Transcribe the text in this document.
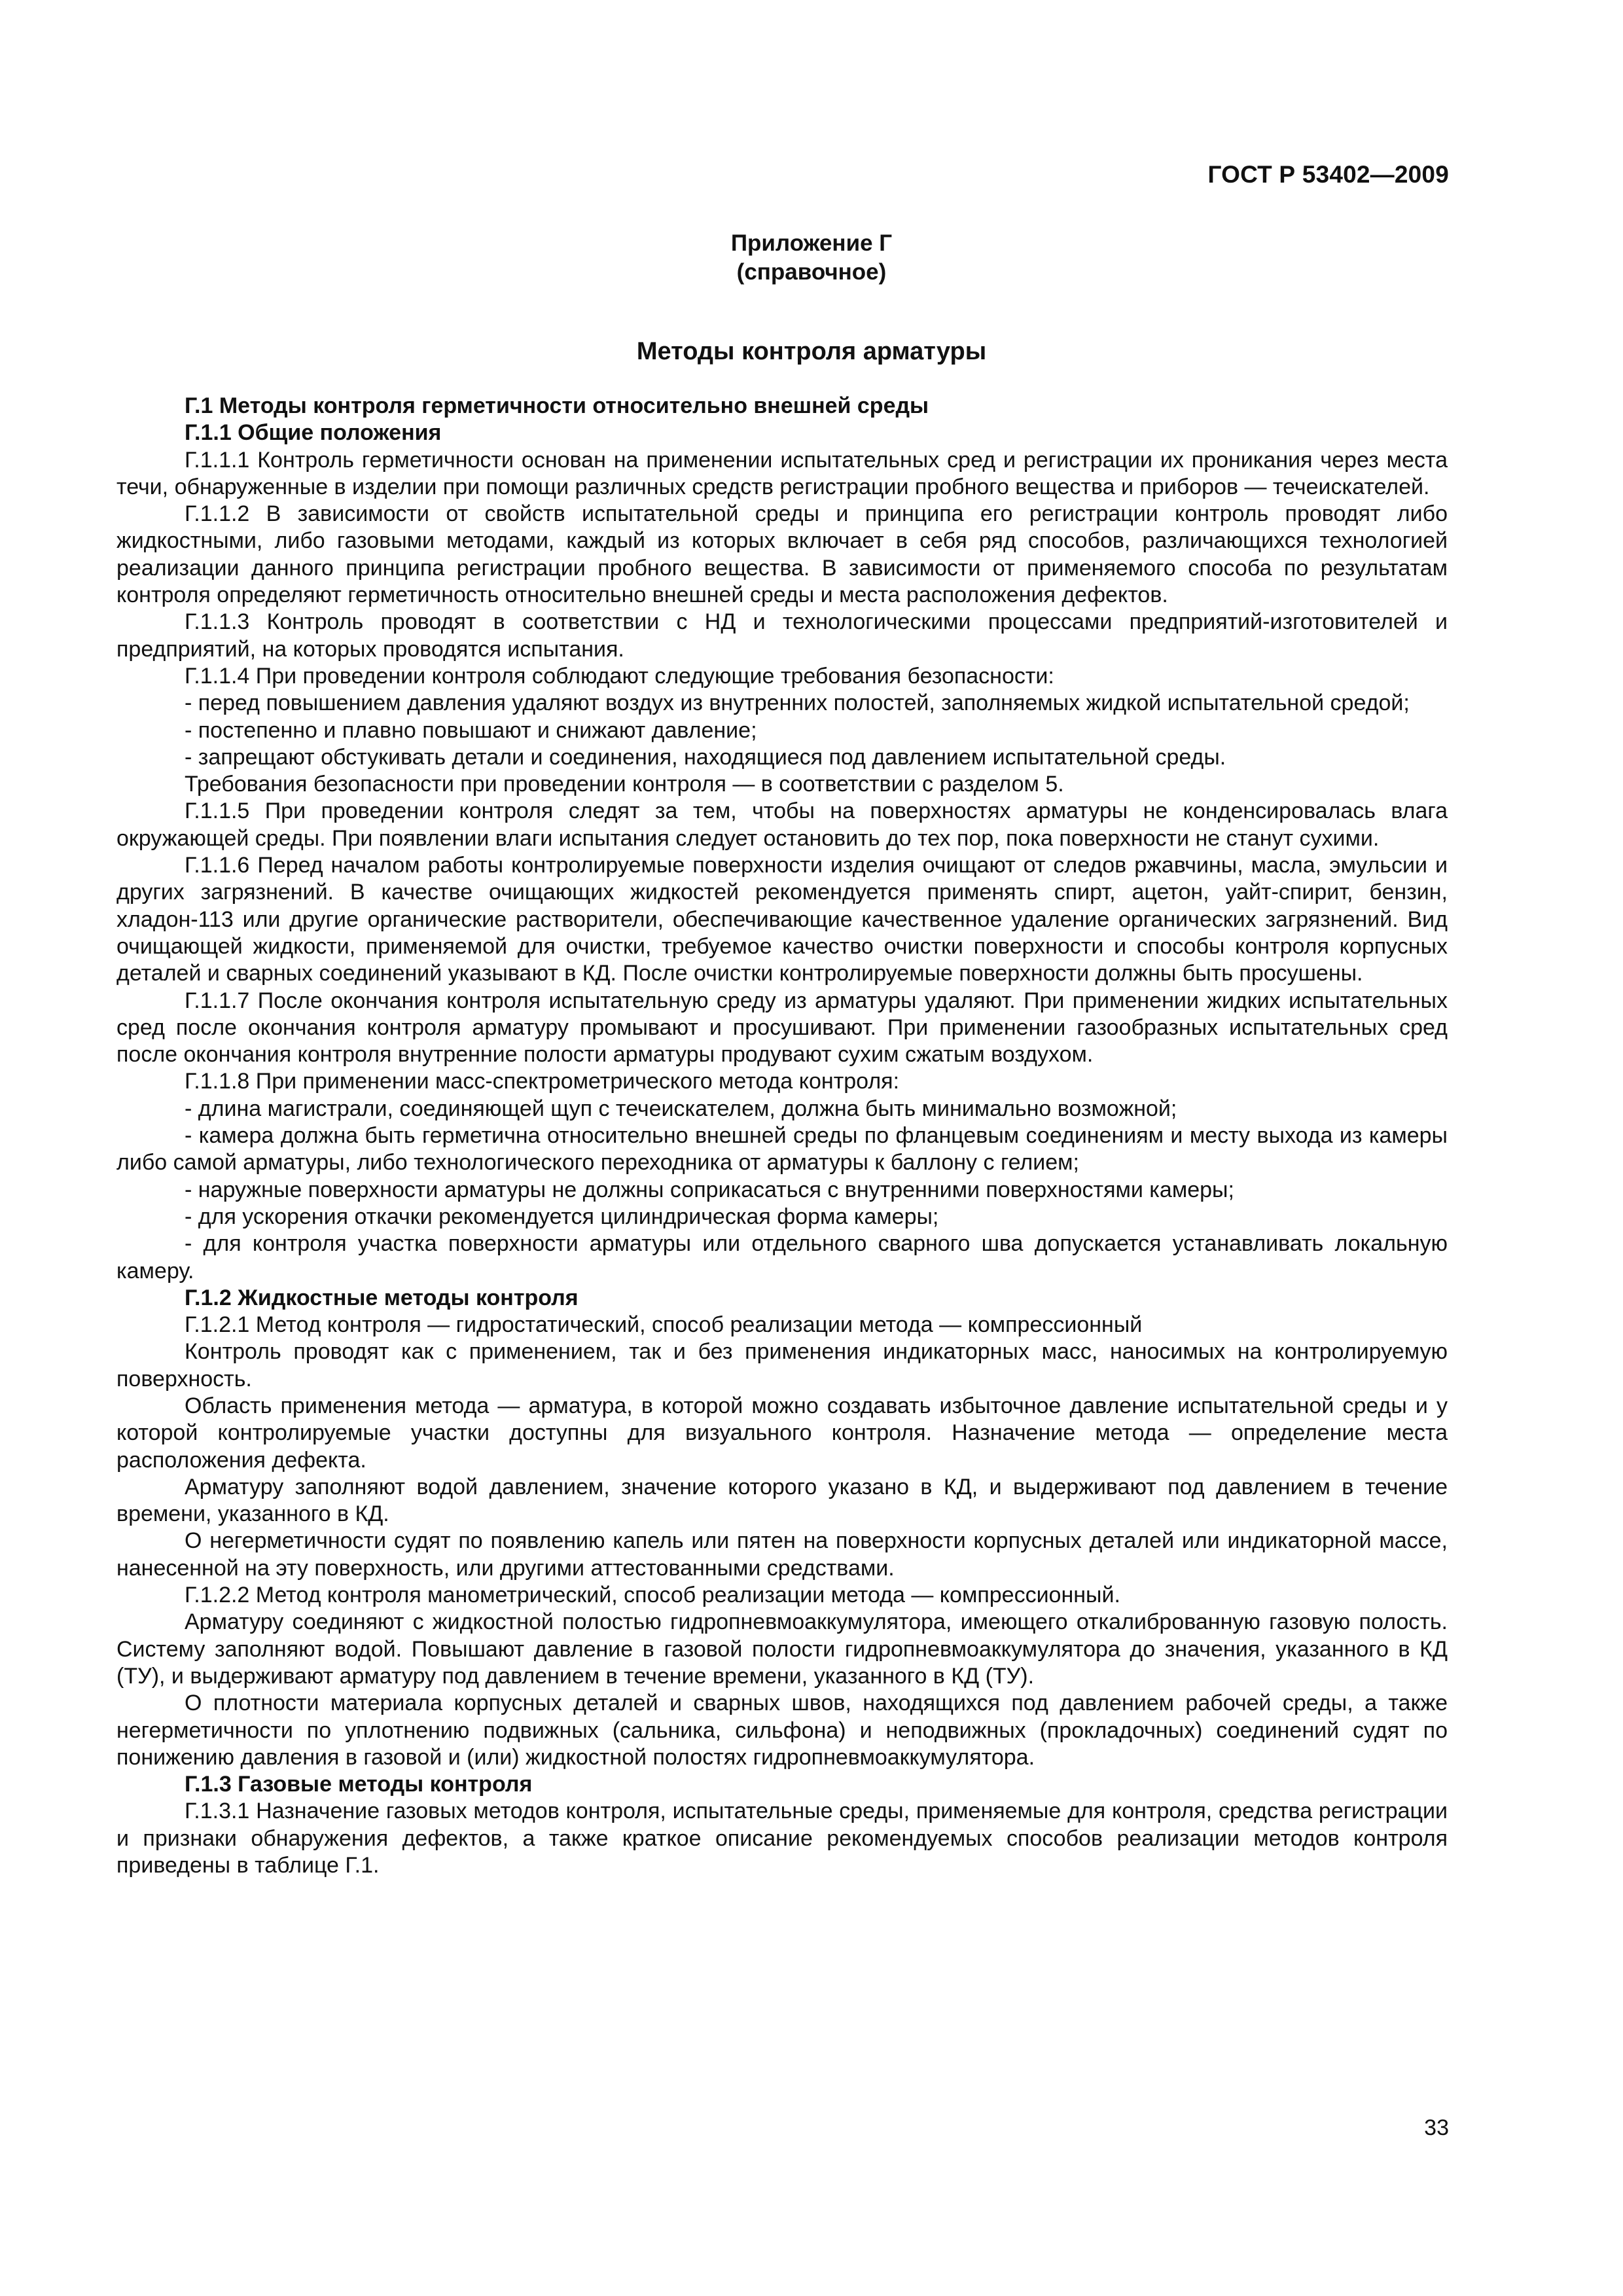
ГОСТ Р 53402—2009
Приложение Г
(справочное)
Методы контроля арматуры

Г.1 Методы контроля герметичности относительно внешней среды

Г.1.1 Общие положения

Г.1.1.1 Контроль герметичности основан на применении испытательных сред и регистрации их проникания через места течи, обнаруженные в изделии при помощи различных средств регистрации пробного вещества и приборов — течеискателей.

Г.1.1.2 В зависимости от свойств испытательной среды и принципа его регистрации контроль проводят либо жидкостными, либо газовыми методами, каждый из которых включает в себя ряд способов, различающихся технологией реализации данного принципа регистрации пробного вещества. В зависимости от применяемого способа по результатам контроля определяют герметичность относительно внешней среды и места расположения дефектов.

Г.1.1.3 Контроль проводят в соответствии с НД и технологическими процессами предприятий-изготовителей и предприятий, на которых проводятся испытания.

Г.1.1.4 При проведении контроля соблюдают следующие требования безопасности:

- перед повышением давления удаляют воздух из внутренних полостей, заполняемых жидкой испытательной средой;

- постепенно и плавно повышают и снижают давление;

- запрещают обстукивать детали и соединения, находящиеся под давлением испытательной среды.

Требования безопасности при проведении контроля — в соответствии с разделом 5.

Г.1.1.5 При проведении контроля следят за тем, чтобы на поверхностях арматуры не конденсировалась влага окружающей среды. При появлении влаги испытания следует остановить до тех пор, пока поверхности не станут сухими.

Г.1.1.6 Перед началом работы контролируемые поверхности изделия очищают от следов ржавчины, масла, эмульсии и других загрязнений. В качестве очищающих жидкостей рекомендуется применять спирт, ацетон, уайт-спирит, бензин, хладон-113 или другие органические растворители, обеспечивающие качественное удаление органических загрязнений. Вид очищающей жидкости, применяемой для очистки, требуемое качество очистки поверхности и способы контроля корпусных деталей и сварных соединений указывают в КД. После очистки контролируемые поверхности должны быть просушены.

Г.1.1.7 После окончания контроля испытательную среду из арматуры удаляют. При применении жидких испытательных сред после окончания контроля арматуру промывают и просушивают. При применении газообразных испытательных сред после окончания контроля внутренние полости арматуры продувают сухим сжатым воздухом.

Г.1.1.8 При применении масс-спектрометрического метода контроля:

- длина магистрали, соединяющей щуп с течеискателем, должна быть минимально возможной;

- камера должна быть герметична относительно внешней среды по фланцевым соединениям и месту выхода из камеры либо самой арматуры, либо технологического переходника от арматуры к баллону с гелием;

- наружные поверхности арматуры не должны соприкасаться с внутренними поверхностями камеры;

- для ускорения откачки рекомендуется цилиндрическая форма камеры;

- для контроля участка поверхности арматуры или отдельного сварного шва допускается устанавливать локальную камеру.

Г.1.2 Жидкостные методы контроля

Г.1.2.1 Метод контроля — гидростатический, способ реализации метода — компрессионный

Контроль проводят как с применением, так и без применения индикаторных масс, наносимых на контролируемую поверхность.

Область применения метода — арматура, в которой можно создавать избыточное давление испытательной среды и у которой контролируемые участки доступны для визуального контроля. Назначение метода — определение места расположения дефекта.

Арматуру заполняют водой давлением, значение которого указано в КД, и выдерживают под давлением в течение времени, указанного в КД.

О негерметичности судят по появлению капель или пятен на поверхности корпусных деталей или индикаторной массе, нанесенной на эту поверхность, или другими аттестованными средствами.

Г.1.2.2 Метод контроля манометрический, способ реализации метода — компрессионный.

Арматуру соединяют с жидкостной полостью гидропневмоаккумулятора, имеющего откалиброванную газовую полость. Систему заполняют водой. Повышают давление в газовой полости гидропневмоаккумулятора до значения, указанного в КД (ТУ), и выдерживают арматуру под давлением в течение времени, указанного в КД (ТУ).

О плотности материала корпусных деталей и сварных швов, находящихся под давлением рабочей среды, а также негерметичности по уплотнению подвижных (сальника, сильфона) и неподвижных (прокладочных) соединений судят по понижению давления в газовой и (или) жидкостной полостях гидропневмоаккумулятора.

Г.1.3 Газовые методы контроля

Г.1.3.1 Назначение газовых методов контроля, испытательные среды, применяемые для контроля, средства регистрации и признаки обнаружения дефектов, а также краткое описание рекомендуемых способов реализации методов контроля приведены в таблице Г.1.

33
